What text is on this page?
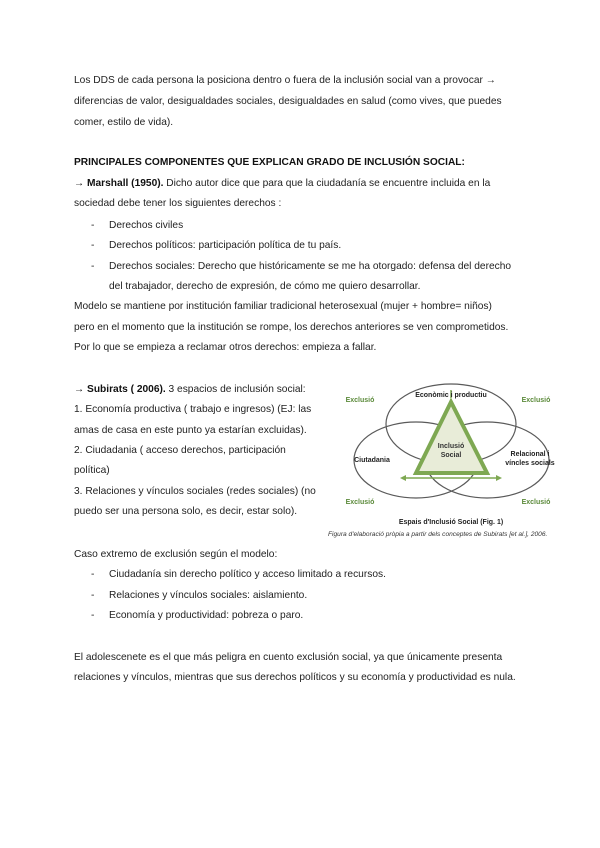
Los DDS de cada persona la posiciona dentro o fuera de la inclusión social van a provocar →

diferencias de valor, desigualdades sociales, desigualdades en salud (como vives, que puedes

comer, estilo de vida).

PRINCIPALES COMPONENTES QUE EXPLICAN GRADO DE INCLUSIÓN SOCIAL:

→ Marshall (1950). Dicho autor dice que para que la ciudadanía se encuentre incluida en la

sociedad debe tener los siguientes derechos :

- Derechos civiles

- Derechos políticos: participación política de tu país.

- Derechos sociales: Derecho que históricamente se me ha otorgado: defensa del derecho

del trabajador, derecho de expresión, de cómo me quiero desarrollar.

Modelo se mantiene por institución familiar tradicional heterosexual (mujer + hombre= niños)

pero en el momento que la institución se rompe, los derechos anteriores se ven comprometidos.

Por lo que se empieza a reclamar otros derechos: empieza a fallar.

→ Subirats ( 2006). 3 espacios de inclusión social:

1. Economía productiva ( trabajo e ingresos) (EJ: las

amas de casa en este punto ya estarían excluidas).

2. Ciudadania ( acceso derechos, participación

política)

3. Relaciones y vínculos sociales (redes sociales) (no

puedo ser una persona solo, es decir, estar solo).

Econòmic i productiu
Ciutadania
Relacional i
víncles socials
Inclusió
Social
Exclusió	Exclusió
Exclusió	Exclusió
Espais d'Inclusió Social (Fig. 1)

Figura d'elaboració pròpia a partir dels conceptes de Subirats [et al.], 2006.

Caso extremo de exclusión según el modelo:

- Ciudadanía sin derecho político y acceso limitado a recursos.

- Relaciones y vínculos sociales: aislamiento.

- Economía y productividad: pobreza o paro.

El adolescenete es el que más peligra en cuento exclusión social, ya que únicamente presenta

relaciones y vínculos, mientras que sus derechos políticos y su economía y productividad es nula.
